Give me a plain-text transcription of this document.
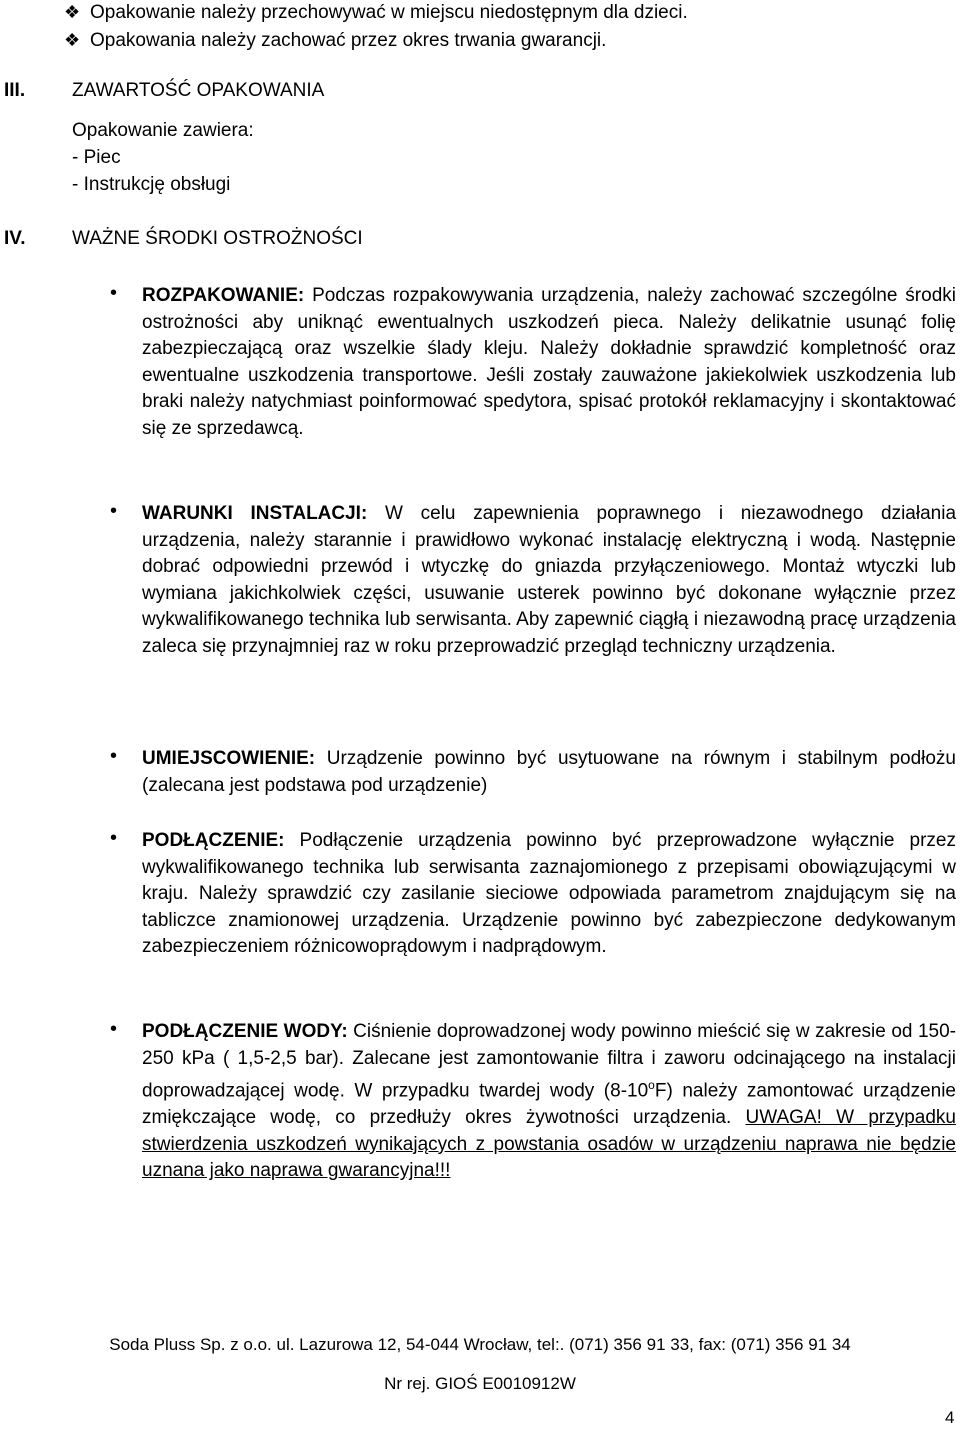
❖ Opakowanie należy przechowywać w miejscu niedostępnym dla dzieci.
❖ Opakowania należy zachować przez okres trwania gwarancji.
III. ZAWARTOŚĆ OPAKOWANIA
Opakowanie zawiera:
- Piec
- Instrukcję obsługi
IV. WAŻNE ŚRODKI OSTROŻNOŚCI
• ROZPAKOWANIE: Podczas rozpakowywania urządzenia, należy zachować szczególne środki ostrożności aby uniknąć ewentualnych uszkodzeń pieca. Należy delikatnie usunąć folię zabezpieczającą oraz wszelkie ślady kleju. Należy dokładnie sprawdzić kompletność oraz ewentualne uszkodzenia transportowe. Jeśli zostały zauważone jakiekolwiek uszkodzenia lub braki należy natychmiast poinformować spedytora, spisać protokół reklamacyjny i skontaktować się ze sprzedawcą.
• WARUNKI INSTALACJI: W celu zapewnienia poprawnego i niezawodnego działania urządzenia, należy starannie i prawidłowo wykonać instalację elektryczną i wodą. Następnie dobrać odpowiedni przewód i wtyczkę do gniazda przyłączeniowego. Montaż wtyczki lub wymiana jakichkolwiek części, usuwanie usterek powinno być dokonane wyłącznie przez wykwalifikowanego technika lub serwisanta. Aby zapewnić ciągłą i niezawodną pracę urządzenia zaleca się przynajmniej raz w roku przeprowadzić przegląd techniczny urządzenia.
• UMIEJSCOWIENIE: Urządzenie powinno być usytuowane na równym i stabilnym podłożu (zalecana jest podstawa pod urządzenie)
• PODŁĄCZENIE: Podłączenie urządzenia powinno być przeprowadzone wyłącznie przez wykwalifikowanego technika lub serwisanta zaznajomionego z przepisami obowiązującymi w kraju. Należy sprawdzić czy zasilanie sieciowe odpowiada parametrom znajdującym się na tabliczce znamionowej urządzenia. Urządzenie powinno być zabezpieczone dedykowanym zabezpieczeniem różnicowoprądowym i nadprądowym.
• PODŁĄCZENIE WODY: Ciśnienie doprowadzonej wody powinno mieścić się w zakresie od 150-250 kPa ( 1,5-2,5 bar). Zalecane jest zamontowanie filtra i zaworu odcinającego na instalacji doprowadzającej wodę. W przypadku twardej wody (8-10$^o$F) należy zamontować urządzenie zmiękczające wodę, co przedłuży okres żywotności urządzenia. UWAGA! W przypadku stwierdzenia uszkodzeń wynikających z powstania osadów w urządzeniu naprawa nie będzie uznana jako naprawa gwarancyjna!!!
Soda Pluss Sp. z o.o. ul. Lazurowa 12, 54-044 Wrocław, tel:. (071) 356 91 33, fax: (071) 356 91 34
Nr rej. GIOŚ E0010912W
4
